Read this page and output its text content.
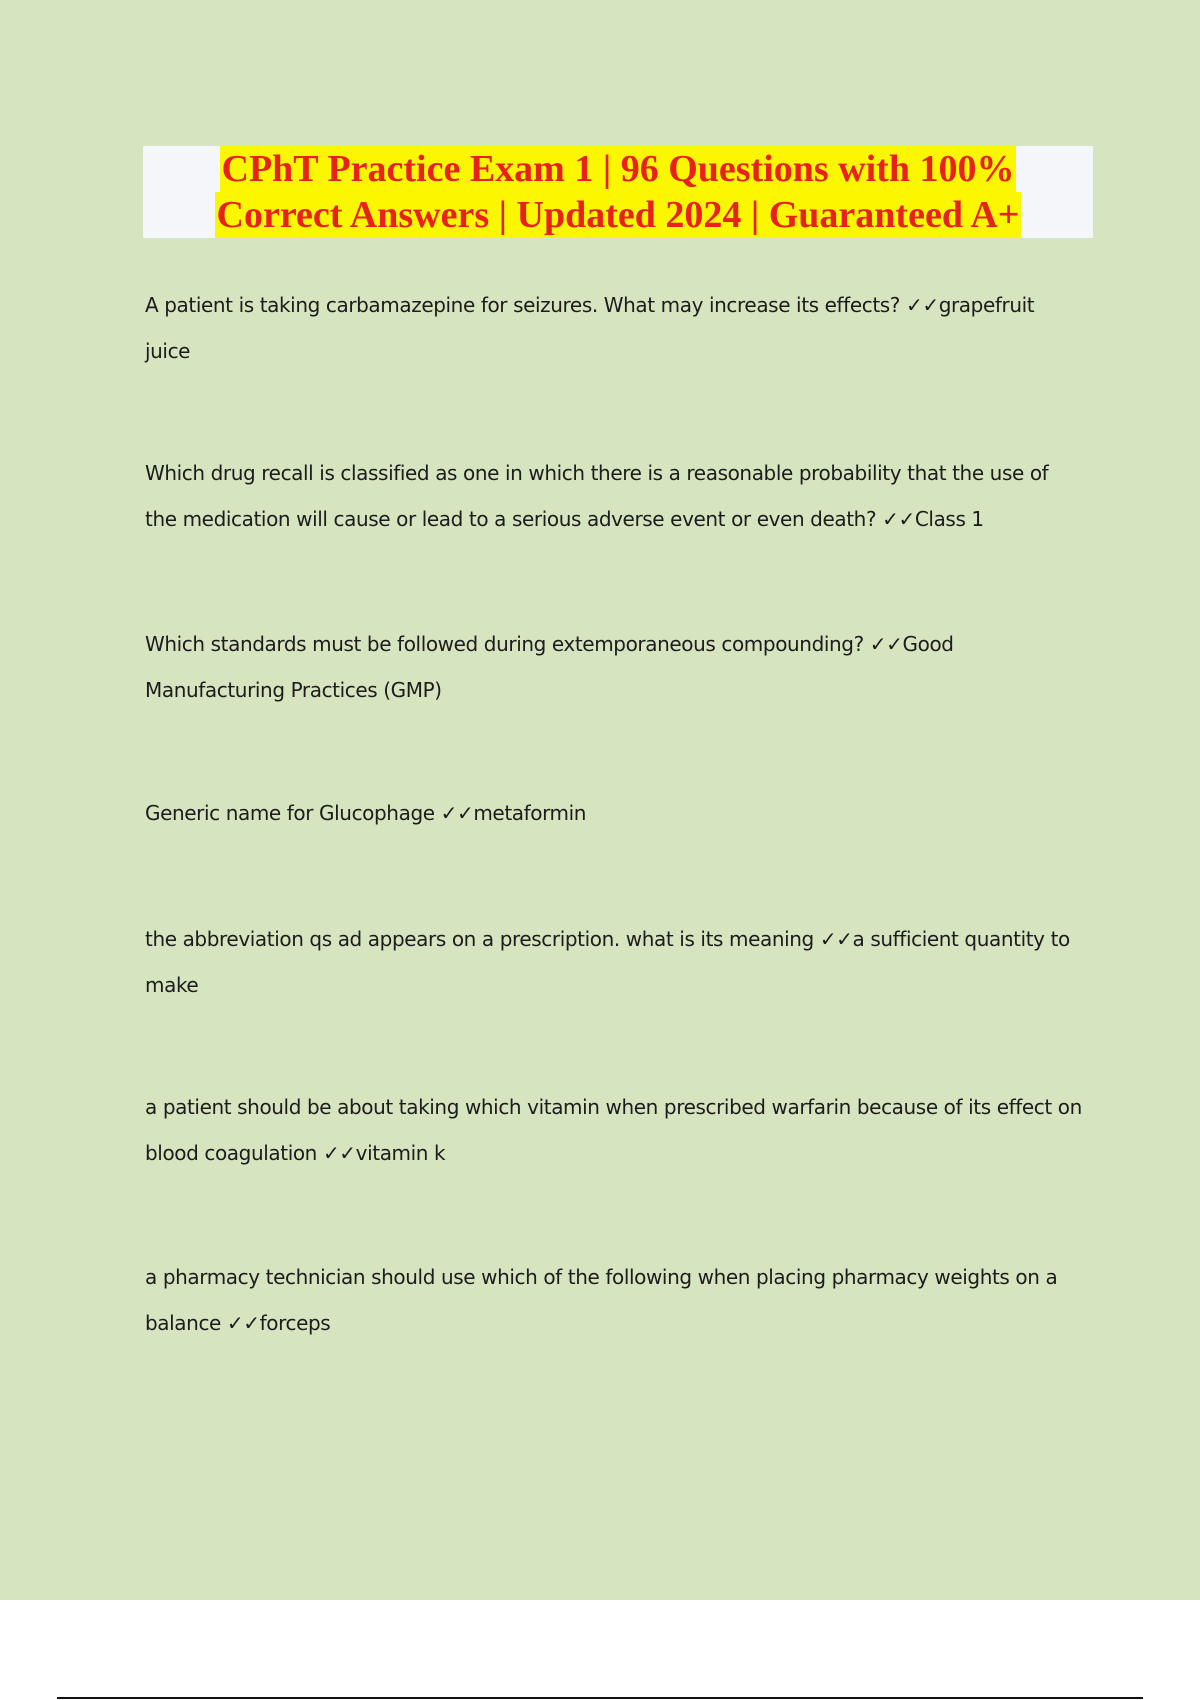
CPhT Practice Exam 1 | 96 Questions with 100%
Correct Answers | Updated 2024 | Guaranteed A+
A patient is taking carbamazepine for seizures. What may increase its effects? ✓✓grapefruit juice
Which drug recall is classified as one in which there is a reasonable probability that the use of the medication will cause or lead to a serious adverse event or even death? ✓✓Class 1
Which standards must be followed during extemporaneous compounding? ✓✓Good Manufacturing Practices (GMP)
Generic name for Glucophage ✓✓metaformin
the abbreviation qs ad appears on a prescription. what is its meaning ✓✓a sufficient quantity to make
a patient should be about taking which vitamin when prescribed warfarin because of its effect on blood coagulation ✓✓vitamin k
a pharmacy technician should use which of the following when placing pharmacy weights on a balance ✓✓forceps
